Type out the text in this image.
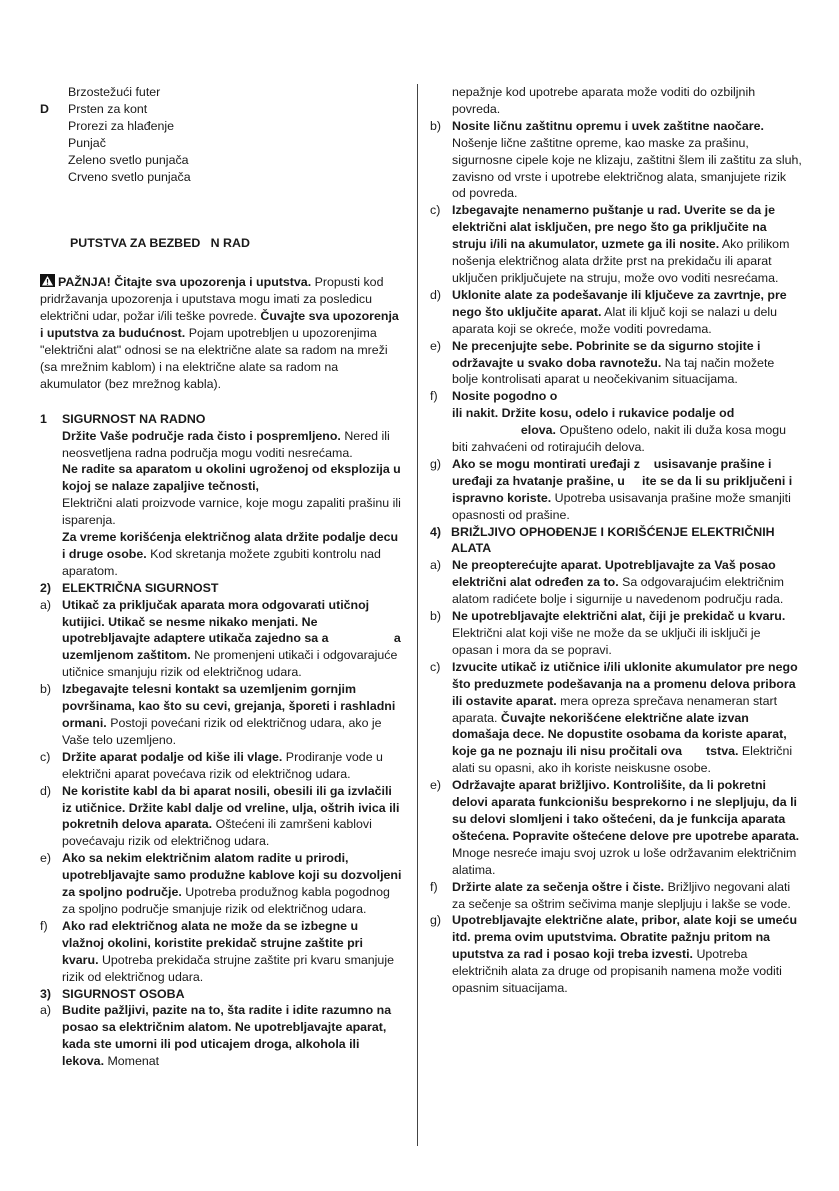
Brzostežući futer
D	Prsten za kont
Prorezi za hlađenje
Punjač
Zeleno svetlo punjača
Crveno svetlo punjača
PUTSTVA ZA BEZBED   N RAD
PAŽNJA! Čitajte sva upozorenja i uputstva. Propusti kod pridržavanja upozorenja i uputstava mogu imati za posledicu električni udar, požar i/ili teške povrede. Čuvajte sva upozorenja i uputstva za budućnost. Pojam upotrebljen u upozorenjima "električni alat" odnosi se na električne alate sa radom na mreži (sa mrežnim kablom) i na električne alate sa radom na akumulator (bez mrežnog kabla).
1	SIGURNOST NA RADNO
Držite Vaše područje rada čisto i pospremljeno. Nered ili neosvetljena radna područja mogu voditi nesrećama.
Ne radite sa aparatom u okolini ugroženoj od eksplozija u kojoj se nalaze zapaljive tečnosti,                                Električni alati proizvode varnice, koje mogu zapaliti prašinu ili isparenja.
Za vreme korišćenja električnog alata držite podalje decu i druge osobe. Kod skretanja možete zgubiti kontrolu nad aparatom.
2) ELEKTRIČNA SIGURNOST
a) Utikač za priključak aparata mora odgovarati utičnoj kutijici. Utikač se nesme nikako menjati. Ne upotrebljavajte adaptere utikača zajedno sa a                   a uzemljenom zaštitom. Ne promenjeni utikači i odgovarajuće utičnice smanjuju rizik od električnog udara.
b) Izbegavajte telesni kontakt sa uzemljenim gornjim površinama, kao što su cevi, grejanja, šporeti i rashladni ormani. Postoji povećani rizik od električnog udara, ako je Vaše telo uzemljeno.
c) Držite aparat podalje od kiše ili vlage. Prodiranje vode u električni aparat povećava rizik od električnog udara.
d) Ne koristite kabl da bi aparat nosili, obesili ili ga izvlačili iz utičnice. Držite kabl dalje od vreline, ulja, oštrih ivica ili pokretnih delova aparata. Oštećeni ili zamršeni kablovi povećavaju rizik od električnog udara.
e) Ako sa nekim električnim alatom radite u prirodi, upotrebljavajte samo produžne kablove koji su dozvoljeni za spoljno područje. Upotreba produžnog kabla pogodnog za spoljno područje smanjuje rizik od električnog udara.
f)	Ako rad električnog alata ne može da se izbegne u vlažnoj okolini, koristite prekidač strujne zaštite pri kvaru. Upotreba prekidača strujne zaštite pri kvaru smanjuje rizik od električnog udara.
3) SIGURNOST OSOBA
a) Budite pažljivi, pazite na to, šta radite i idite razumno na posao sa električnim alatom. Ne upotrebljavajte aparat, kada ste umorni ili pod uticajem droga, alkohola ili lekova. Momenat
nepažnje kod upotrebe aparata može voditi do ozbiljnih povreda.
b) Nosite ličnu zaštitnu opremu i uvek zaštitne naočare. Nošenje lične zaštitne opreme, kao maske za prašinu, sigurnosne cipele koje ne klizaju, zaštitni šlem ili zaštitu za sluh, zavisno od vrste i upotrebe električnog alata, smanjujete rizik od povreda.
c) Izbegavajte nenamerno puštanje u rad. Uverite se da je električni alat isključen, pre nego što ga priključite na struju i/ili na akumulator, uzmete ga ili nosite. Ako prilikom nošenja električnog alata držite prst na prekidaču ili aparat uključen priključujete na struju, može ovo voditi nesrećama.
d) Uklonite alate za podešavanje ili ključeve za zavrtnje, pre nego što uključite aparat. Alat ili ključ koji se nalazi u delu aparata koji se okreće, može voditi povredama.
e) Ne precenjujte sebe. Pobrinite se da sigurno stojite i održavajte u svako doba ravnotežu. Na taj način možete bolje kontrolisati aparat u neočekivanim situacijama.
f)	Nosite pogodno o
ili nakit. Držite kosu, odelo i rukavice podalje od
elova. Opušteno odelo, nakit ili duža kosa mogu biti zahvaćeni od rotirajućih delova.
g) Ako se mogu montirati uređaji z    usisavanje prašine i uređaji za hvatanje prašine, u     ite se da li su priključeni i ispravno koriste. Upotreba usisavanja prašine može smanjiti opasnosti od prašine.
4) BRIŽLJIVO OPHOĐENJE I KORIŠĆENJE ELEKTRIČNIH ALATA
a) Ne preopterećujte aparat. Upotrebljavajte za Vaš posao električni alat određen za to. Sa odgovarajućim električnim alatom radićete bolje i sigurnije u navedenom području rada.
b) Ne upotrebljavajte električni alat, čiji je prekidač u kvaru. Električni alat koji više ne može da se uključi ili isključi je opasan i mora da se popravi.
c) Izvucite utikač iz utičnice i/ili uklonite akumulator pre nego što preduzmete podešavanja na a promenu delova pribora ili ostavite aparat. mera opreza sprečava nenameran start aparata. Čuvajte nekorišćene električne alate izvan domašaja dece. Ne dopustite osobama da koriste aparat, koje ga ne poznaju ili nisu pročitali ova       tstva. Električni alati su opasni, ako ih koriste neiskusne osobe.
e) Održavajte aparat brižljivo. Kontrolišite, da li pokretni delovi aparata funkcionišu besprekorno i ne sleplјuju, da li su delovi slomljeni i tako oštećeni, da je funkcija aparata oštećena. Popravite oštećene delove pre upotrebe aparata. Mnoge nesreće imaju svoj uzrok u loše održavanim električnim alatima.
f)	Držirte alate za sečenja oštre i čiste. Brižljivo negovani alati za sečenje sa oštrim sečivima manje sleplјuju i lakše se vode.
g) Upotrebljavajte električne alate, pribor, alate koji se umeću itd. prema ovim uputstvima. Obratite pažnju pritom na uputstva za rad i posao koji treba izvesti. Upotreba električnih alata za druge od propisanih namena može voditi opasnim situacijama.
